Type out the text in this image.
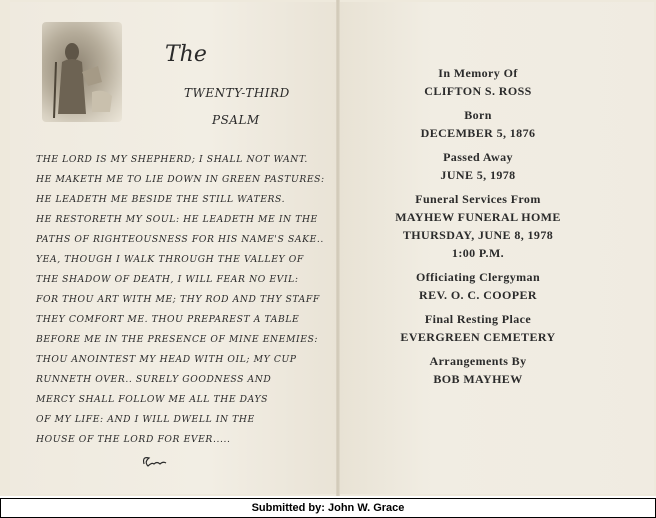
The
TWENTY-THIRD
PSALM
THE LORD IS MY SHEPHERD; I SHALL NOT WANT.
HE MAKETH ME TO LIE DOWN IN GREEN PASTURES:
HE LEADETH ME BESIDE THE STILL WATERS.
HE RESTORETH MY SOUL: HE LEADETH ME IN THE
PATHS OF RIGHTEOUSNESS FOR HIS NAME'S SAKE..
YEA, THOUGH I WALK THROUGH THE VALLEY OF
THE SHADOW OF DEATH, I WILL FEAR NO EVIL:
FOR THOU ART WITH ME; THY ROD AND THY STAFF
THEY COMFORT ME. THOU PREPAREST A TABLE
BEFORE ME IN THE PRESENCE OF MINE ENEMIES:
THOU ANOINTEST MY HEAD WITH OIL; MY CUP
RUNNETH OVER.. SURELY GOODNESS AND
MERCY SHALL FOLLOW ME ALL THE DAYS
OF MY LIFE: AND I WILL DWELL IN THE
HOUSE OF THE LORD FOR EVER.....
In Memory Of
CLIFTON S. ROSS
Born
DECEMBER 5, 1876
Passed Away
JUNE 5, 1978
Funeral Services From
MAYHEW FUNERAL HOME
THURSDAY, JUNE 8, 1978
1:00 P.M.
Officiating Clergyman
REV. O. C. COOPER
Final Resting Place
EVERGREEN CEMETERY
Arrangements By
BOB MAYHEW
Submitted by: John W. Grace
